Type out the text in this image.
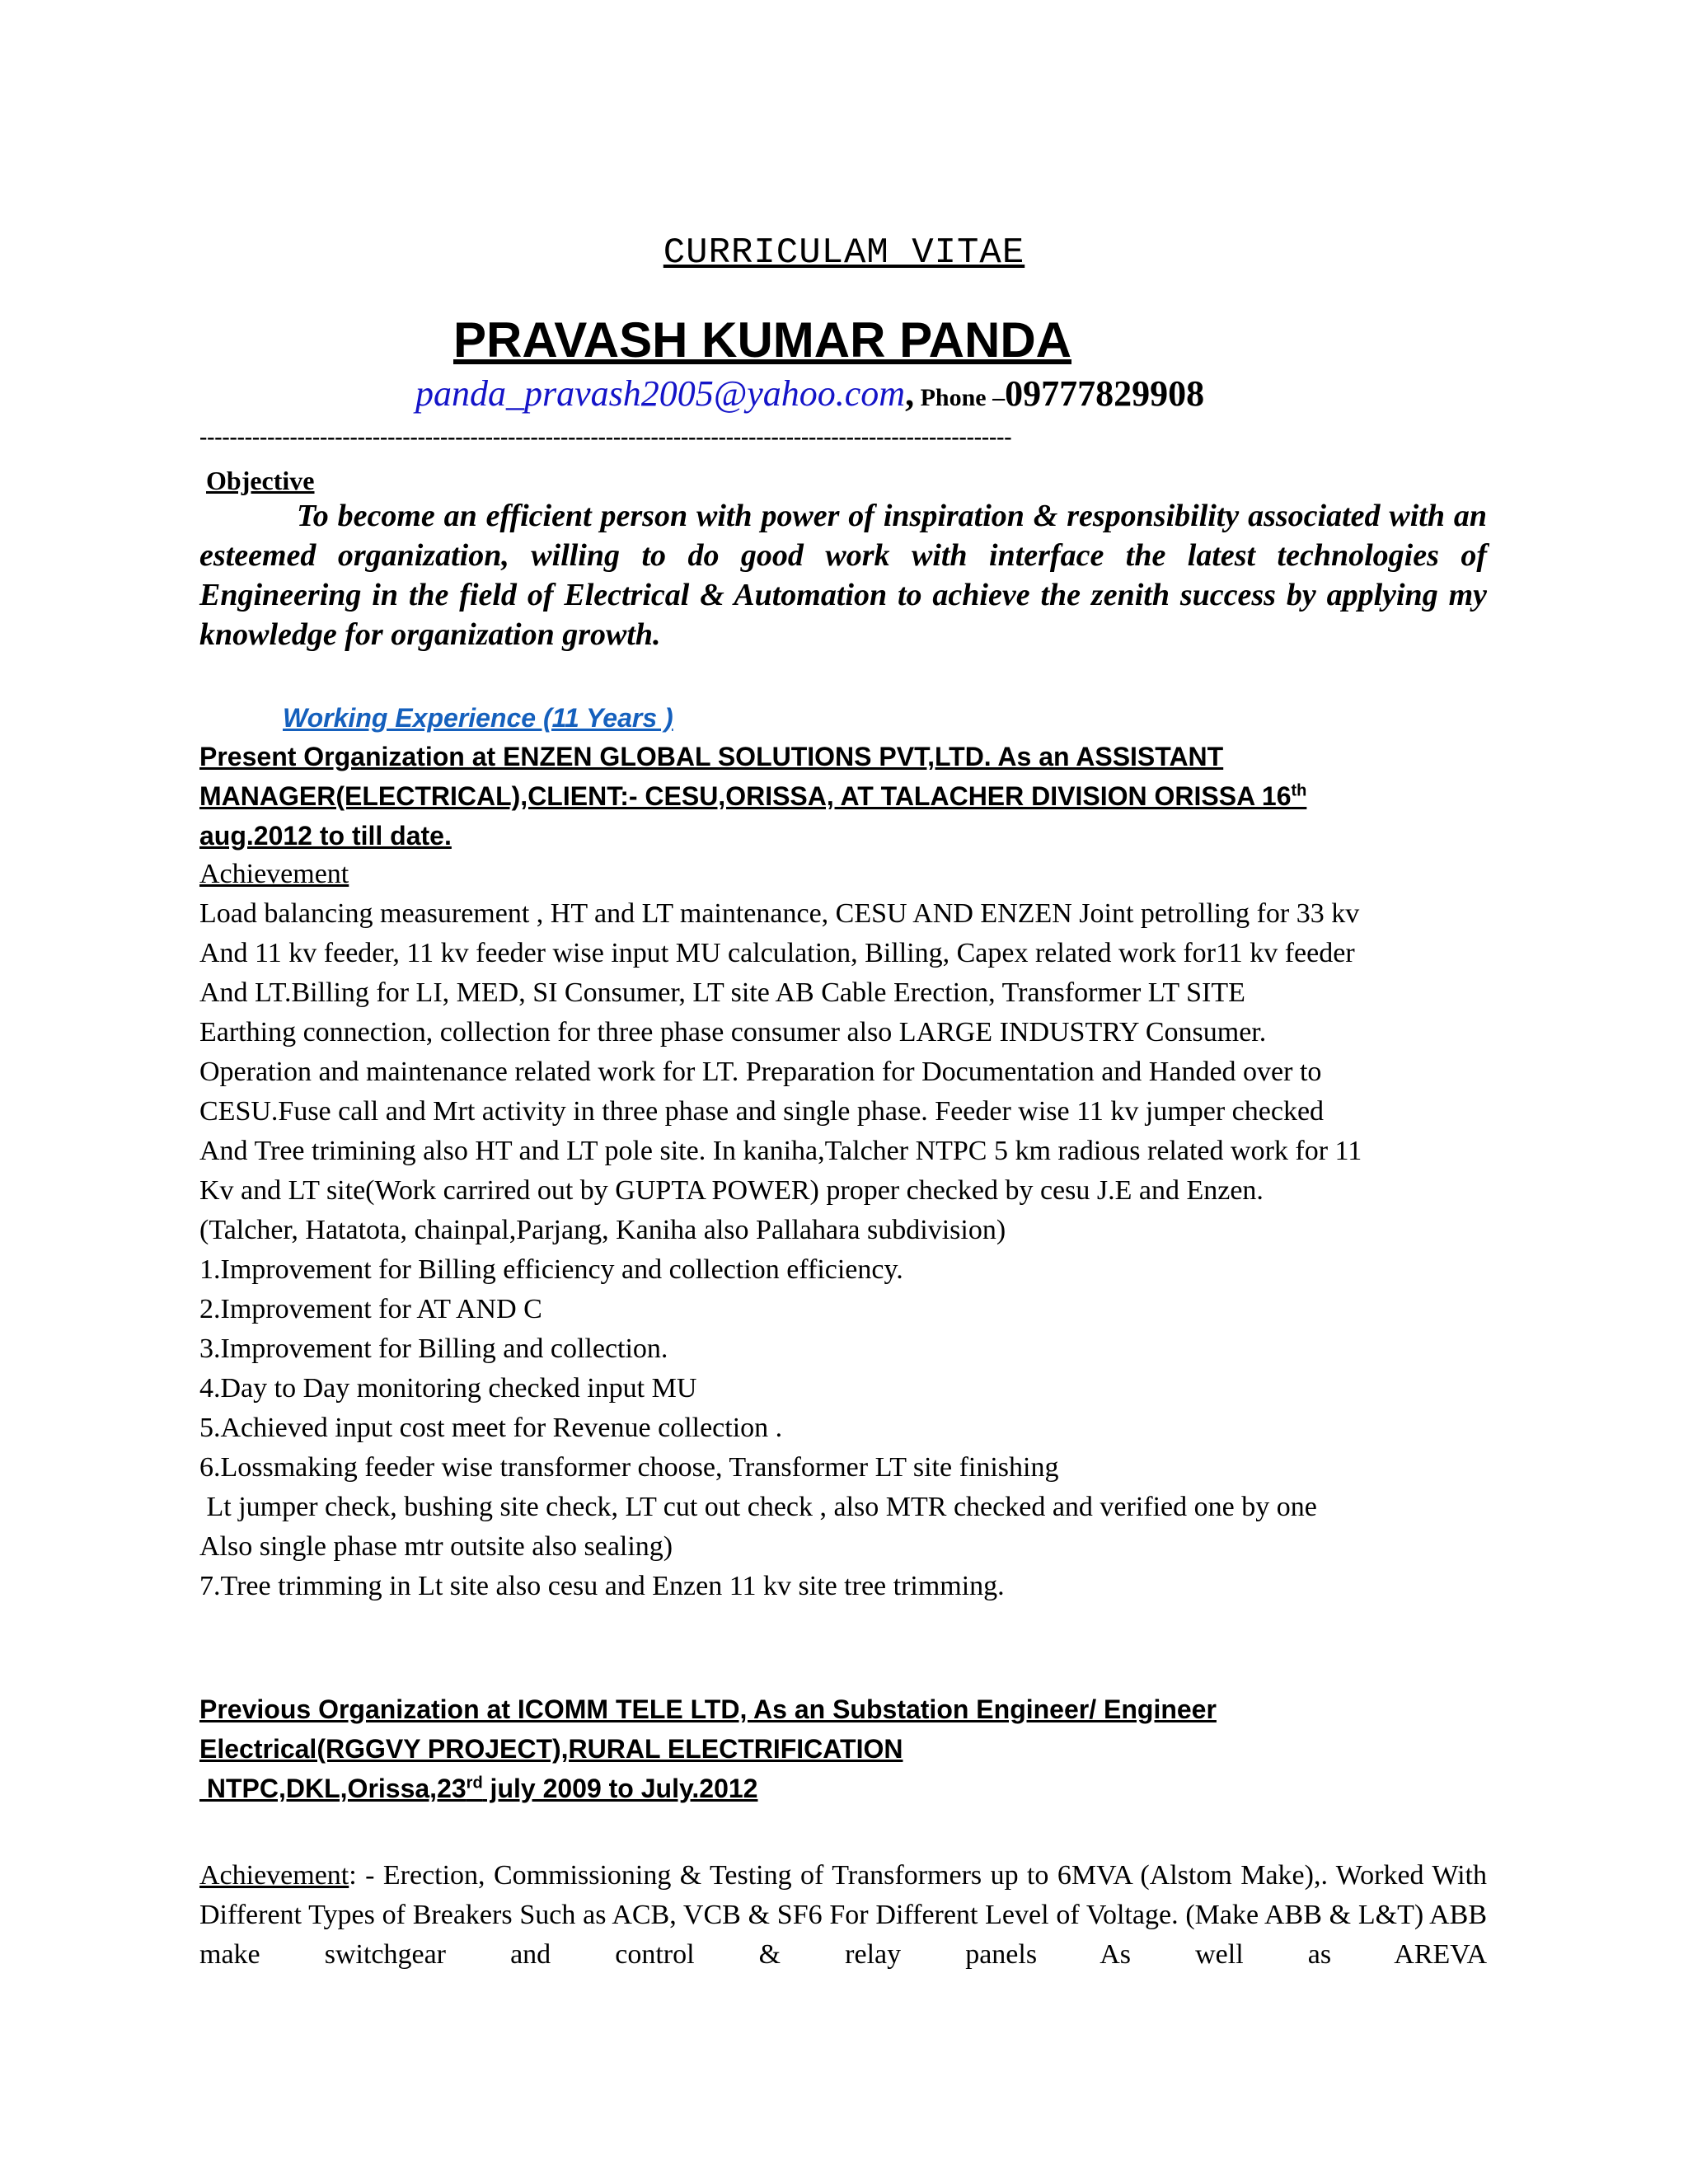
CURRICULAM VITAE
PRAVASH KUMAR PANDA
panda_pravash2005@yahoo.com, Phone –09777829908
------------------------------------------------------------------------------------------------------------
Objective
To become an efficient person with power of inspiration & responsibility associated with an esteemed organization, willing to do good work with interface the latest technologies of Engineering in the field of Electrical & Automation to achieve the zenith success by applying my knowledge for organization growth.
Working Experience (11 Years )
Present Organization at ENZEN GLOBAL SOLUTIONS PVT,LTD. As an ASSISTANT
MANAGER(ELECTRICAL),CLIENT:- CESU,ORISSA, AT TALACHER DIVISION ORISSA 16th
aug.2012 to till date.
Achievement
Load balancing measurement , HT and LT maintenance, CESU AND ENZEN Joint petrolling for 33 kv
And 11 kv feeder, 11 kv feeder wise input MU calculation, Billing, Capex related work for11 kv feeder
And LT.Billing for LI, MED, SI Consumer, LT site AB Cable Erection, Transformer LT SITE
Earthing connection, collection for three phase consumer also LARGE INDUSTRY Consumer.
Operation and maintenance related work for LT. Preparation for Documentation and Handed over to
CESU.Fuse call and Mrt activity in three phase and single phase. Feeder wise 11 kv jumper checked
And Tree trimining also HT and LT pole site. In kaniha,Talcher NTPC 5 km radious related work for 11
Kv and LT site(Work carrired out by GUPTA POWER) proper checked by cesu J.E and Enzen.
(Talcher, Hatatota, chainpal,Parjang, Kaniha also Pallahara subdivision)
1.Improvement for Billing efficiency and collection efficiency.
2.Improvement for AT AND C
3.Improvement for Billing and collection.
4.Day to Day monitoring checked input MU
5.Achieved input cost meet for Revenue collection .
6.Lossmaking feeder wise transformer choose, Transformer LT site finishing
Lt jumper check, bushing site check, LT cut out check , also MTR checked and verified one by one
Also single phase mtr outsite also sealing)
7.Tree trimming in Lt site also cesu and Enzen 11 kv site tree trimming.
Previous Organization at ICOMM TELE LTD, As an Substation Engineer/ Engineer
Electrical(RGGVY PROJECT),RURAL ELECTRIFICATION
NTPC,DKL,Orissa,23rd july 2009 to July.2012
Achievement: - Erection, Commissioning & Testing of Transformers up to 6MVA (Alstom Make),. Worked With Different Types of Breakers Such as ACB, VCB & SF6 For Different Level of Voltage. (Make ABB & L&T) ABB make switchgear and control & relay panels As well as AREVA
